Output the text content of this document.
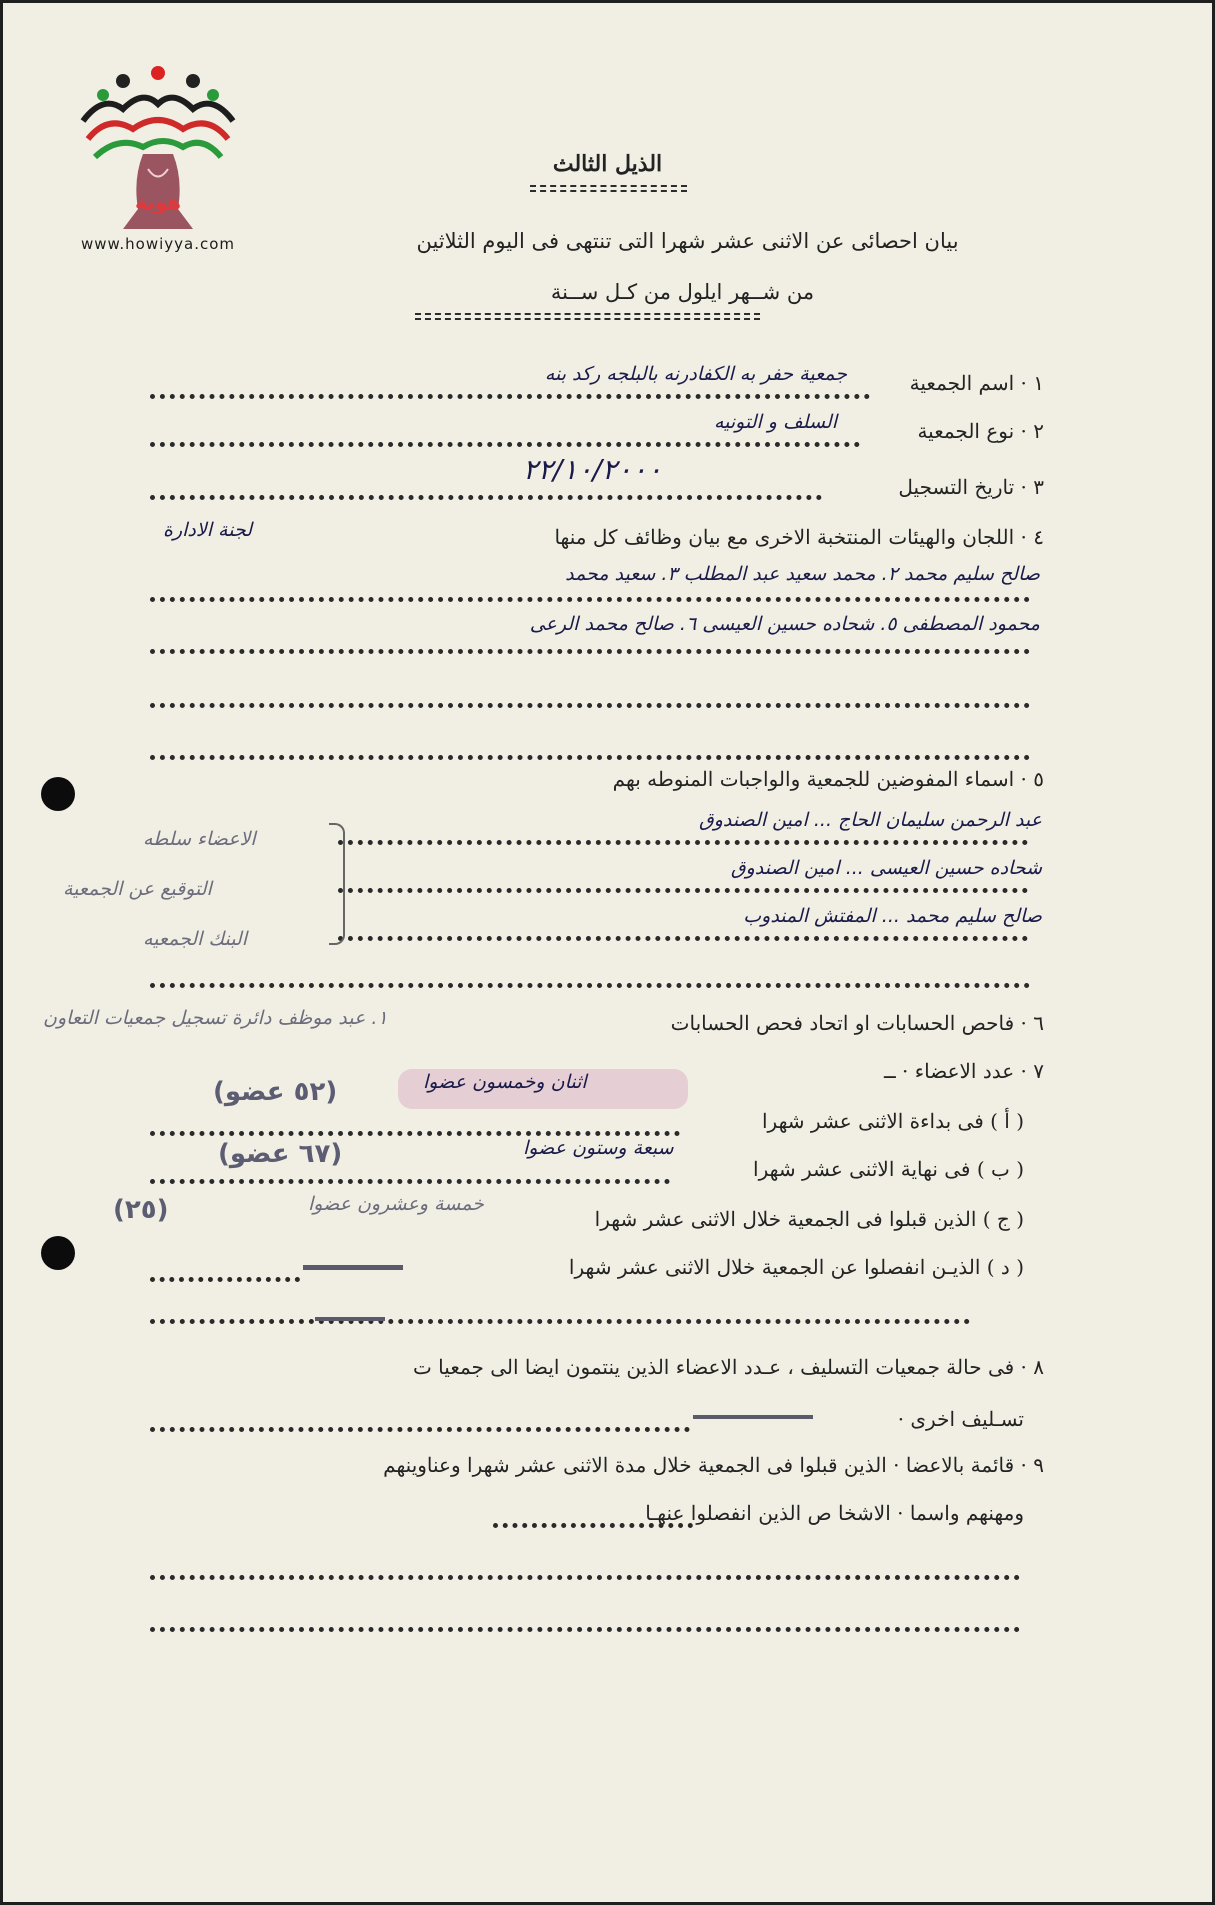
هوية
www.howiyya.com
الذيل الثالث
بيان احصائى عن الاثنى عشر شهرا التى تنتهى فى اليوم الثلاثين
من شــهر ايلول من كـل ســنة
١ · اسم الجمعية
جمعية حفر به الكفادرنه بالبلجه ركد بنه
٢ · نوع الجمعية
السلف و التونيه
٣ · تاريخ التسجيل
٢٢/١٠/٢٠٠٠
٤ · اللجان والهيئات المنتخبة الاخرى مع بيان وظائف كل منها
لجنة الادارة
صالح سليم محمد ٢. محمد سعيد عبد المطلب ٣. سعيد محمد
محمود المصطفى ٥. شحاده حسين العيسى ٦. صالح محمد الرعى
٥ · اسماء المفوضين للجمعية والواجبات المنوطه بهم
عبد الرحمن سليمان الحاج ... امين الصندوق
شحاده حسين العيسى ... امين الصندوق
صالح سليم محمد ... المفتش المندوب
الاعضاء سلطه
التوقيع عن الجمعية
البنك الجمعيه
٦ · فاحص الحسابات او اتحاد فحص الحسابات
١. عبد موظف دائرة تسجيل جمعيات التعاون
٧ · عدد الاعضاء · ــ
اثنان وخمسون عضوا
(٥٢ عضو)
( أ ) فى بداءة الاثنى عشر شهرا
سبعة وستون عضوا
(٦٧ عضو)	( ب ) فى نهاية الاثنى عشر شهرا
خمسة وعشرون عضوا
(٢٥)	( ج ) الذين قبلوا فى الجمعية خلال الاثنى عشر شهرا
( د ) الذيـن انفصلوا عن الجمعية خلال الاثنى عشر شهرا
٨ · فى حالة جمعيات التسليف ، عـدد الاعضاء الذين ينتمون ايضا الى جمعيا ت
تسـليف اخرى ·
٩ · قائمة بالاعضا · الذين قبلوا فى الجمعية خلال مدة الاثنى عشر شهرا وعناوينهم
ومهنهم واسما · الاشخا ص الذين انفصلوا عنهـا
